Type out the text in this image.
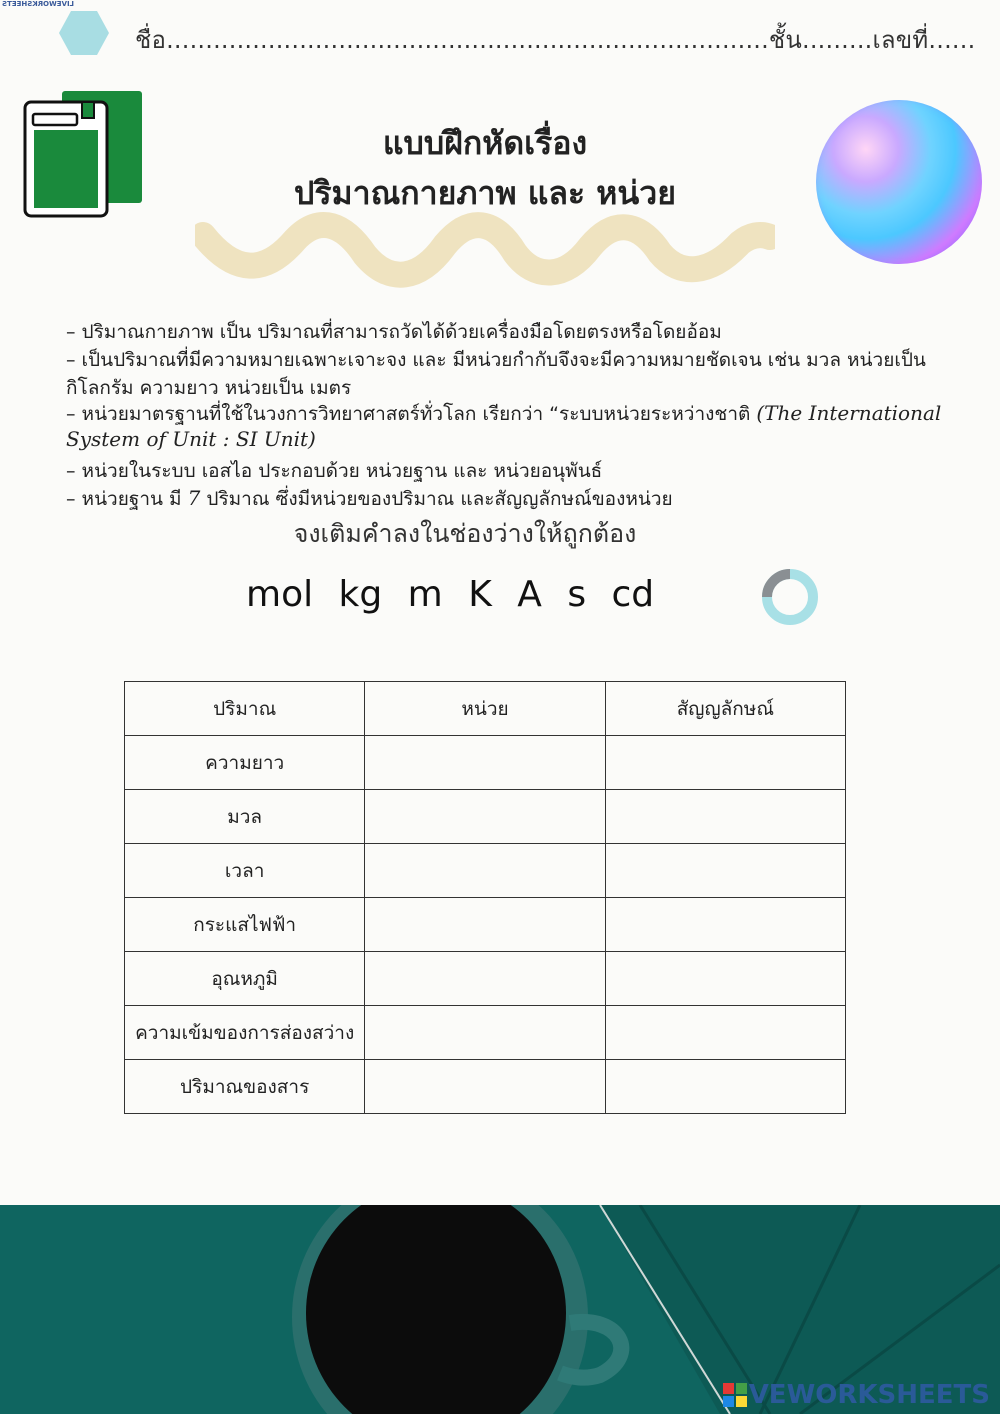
LIVEWORKSHEETS
ชื่อ.............................................................................ชั้น.........เลขที่......
แบบฝึกหัดเรื่อง
ปริมาณกายภาพ และ หน่วย
– ปริมาณกายภาพ เป็น ปริมาณที่สามารถวัดได้ด้วยเครื่องมือโดยตรงหรือโดยอ้อม
– เป็นปริมาณที่มีความหมายเฉพาะเจาะจง และ มีหน่วยกำกับจึงจะมีความหมายชัดเจน เช่น มวล หน่วยเป็น
กิโลกรัม ความยาว หน่วยเป็น เมตร
– หน่วยมาตรฐานที่ใช้ในวงการวิทยาศาสตร์ทั่วโลก เรียกว่า “ระบบหน่วยระหว่างชาติ (The International
System of Unit : SI Unit)
– หน่วยในระบบ เอสไอ ประกอบด้วย หน่วยฐาน และ หน่วยอนุพันธ์
– หน่วยฐาน มี 7 ปริมาณ ซึ่งมีหน่วยของปริมาณ และสัญญลักษณ์ของหน่วย
จงเติมคำลงในช่องว่างให้ถูกต้อง
mol kg m K A s cd
ปริมาณ	หน่วย	สัญญลักษณ์
ความยาว		
มวล		
เวลา		
กระแสไฟฟ้า		
อุณหภูมิ		
ความเข้มของการส่องสว่าง		
ปริมาณของสาร		
VEWORKSHEETS
